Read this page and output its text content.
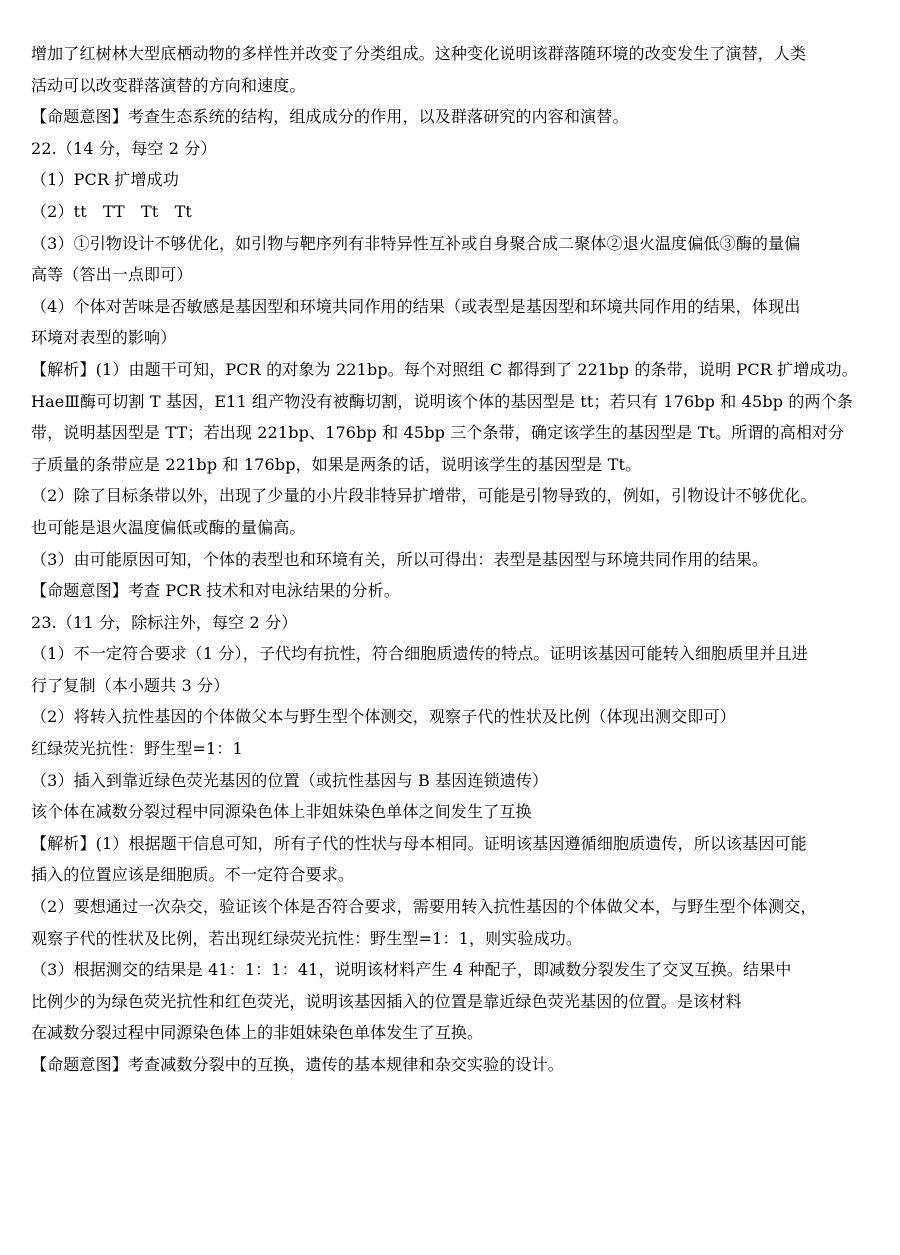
增加了红树林大型底栖动物的多样性并改变了分类组成。这种变化说明该群落随环境的改变发生了演替，人类

活动可以改变群落演替的方向和速度。

【命题意图】考查生态系统的结构，组成成分的作用，以及群落研究的内容和演替。

22.（14 分，每空 2 分）

（1）PCR 扩增成功

（2）tt　TT　Tt　Tt

（3）①引物设计不够优化，如引物与靶序列有非特异性互补或自身聚合成二聚体②退火温度偏低③酶的量偏

高等（答出一点即可）

（4）个体对苦味是否敏感是基因型和环境共同作用的结果（或表型是基因型和环境共同作用的结果，体现出

环境对表型的影响）

【解析】(1）由题干可知，PCR 的对象为 221bp。每个对照组 C 都得到了 221bp 的条带，说明 PCR 扩增成功。

HaeⅢ酶可切割 T 基因，E11 组产物没有被酶切割，说明该个体的基因型是 tt；若只有 176bp 和 45bp 的两个条

带，说明基因型是 TT；若出现 221bp、176bp 和 45bp 三个条带，确定该学生的基因型是 Tt。所谓的高相对分

子质量的条带应是 221bp 和 176bp，如果是两条的话，说明该学生的基因型是 Tt。

（2）除了目标条带以外，出现了少量的小片段非特异扩增带，可能是引物导致的，例如，引物设计不够优化。

也可能是退火温度偏低或酶的量偏高。

（3）由可能原因可知，个体的表型也和环境有关，所以可得出：表型是基因型与环境共同作用的结果。

【命题意图】考查 PCR 技术和对电泳结果的分析。

23.（11 分，除标注外，每空 2 分）

（1）不一定符合要求（1 分），子代均有抗性，符合细胞质遗传的特点。证明该基因可能转入细胞质里并且进

行了复制（本小题共 3 分）

（2）将转入抗性基因的个体做父本与野生型个体测交，观察子代的性状及比例（体现出测交即可）

红绿荧光抗性：野生型=1：1

（3）插入到靠近绿色荧光基因的位置（或抗性基因与 B 基因连锁遗传）

该个体在减数分裂过程中同源染色体上非姐妹染色单体之间发生了互换

【解析】(1）根据题干信息可知，所有子代的性状与母本相同。证明该基因遵循细胞质遗传，所以该基因可能

插入的位置应该是细胞质。不一定符合要求。

（2）要想通过一次杂交，验证该个体是否符合要求，需要用转入抗性基因的个体做父本，与野生型个体测交，

观察子代的性状及比例，若出现红绿荧光抗性：野生型=1：1，则实验成功。

（3）根据测交的结果是 41：1：1：41，说明该材料产生 4 种配子，即减数分裂发生了交叉互换。结果中

比例少的为绿色荧光抗性和红色荧光，说明该基因插入的位置是靠近绿色荧光基因的位置。是该材料

在减数分裂过程中同源染色体上的非姐妹染色单体发生了互换。

【命题意图】考查减数分裂中的互换，遗传的基本规律和杂交实验的设计。
